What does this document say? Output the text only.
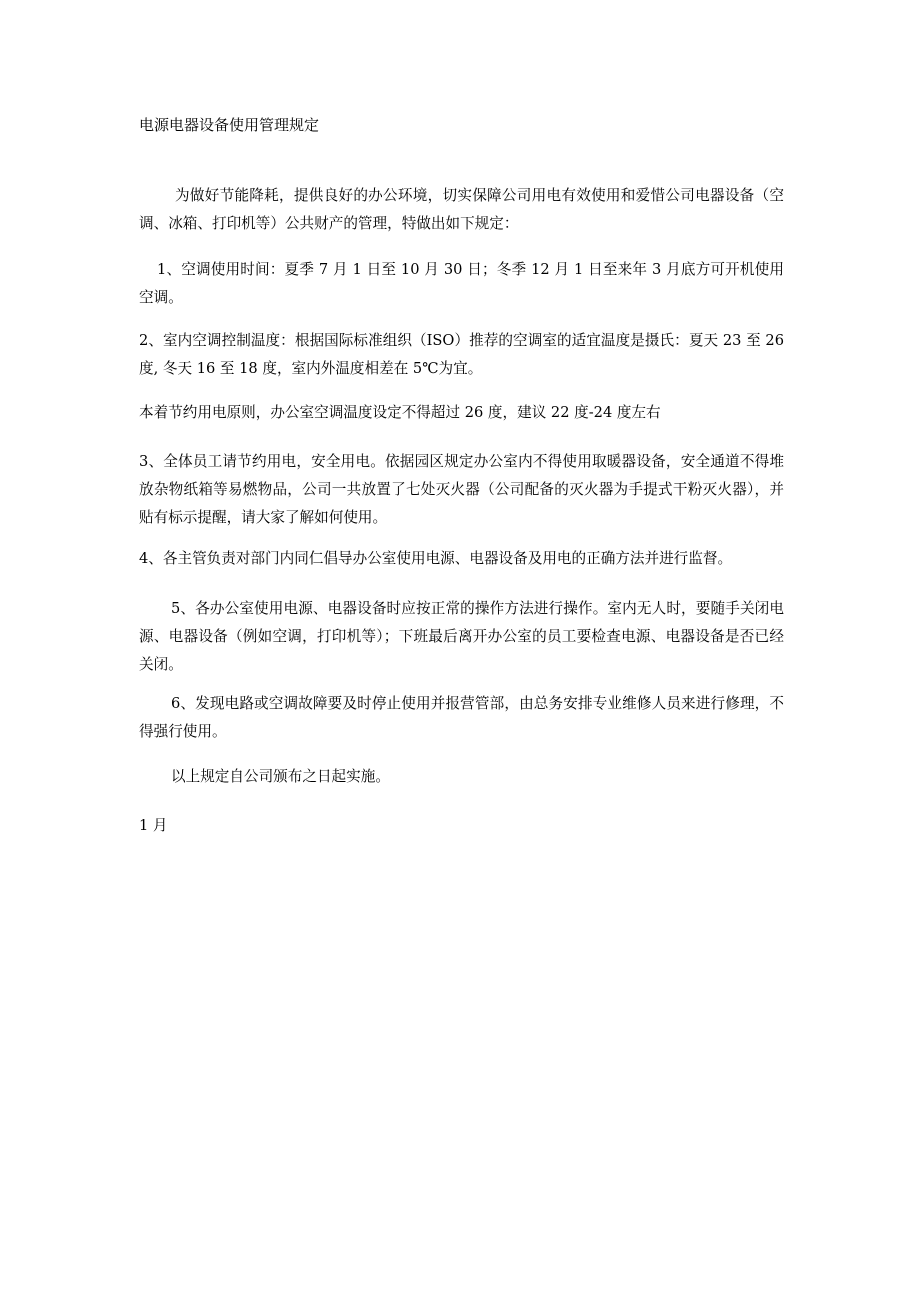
电源电器设备使用管理规定

为做好节能降耗，提供良好的办公环境，切实保障公司用电有效使用和爱惜公司电器设备（空调、冰箱、打印机等）公共财产的管理，特做出如下规定：

1、空调使用时间：夏季 7 月 1 日至 10 月 30 日；冬季 12 月 1 日至来年 3 月底方可开机使用空调。

2、室内空调控制温度：根据国际标准组织（ISO）推荐的空调室的适宜温度是摄氏：夏天 23 至 26 度, 冬天 16 至 18 度，室内外温度相差在 5℃为宜。

本着节约用电原则，办公室空调温度设定不得超过 26 度，建议 22 度-24 度左右

3、全体员工请节约用电，安全用电。依据园区规定办公室内不得使用取暖器设备，安全通道不得堆放杂物纸箱等易燃物品，公司一共放置了七处灭火器（公司配备的灭火器为手提式干粉灭火器），并贴有标示提醒，请大家了解如何使用。

4、各主管负责对部门内同仁倡导办公室使用电源、电器设备及用电的正确方法并进行监督。

5、各办公室使用电源、电器设备时应按正常的操作方法进行操作。室内无人时，要随手关闭电源、电器设备（例如空调，打印机等）；下班最后离开办公室的员工要检查电源、电器设备是否已经关闭。

6、发现电路或空调故障要及时停止使用并报营管部，由总务安排专业维修人员来进行修理，不得强行使用。

以上规定自公司颁布之日起实施。

1 月
